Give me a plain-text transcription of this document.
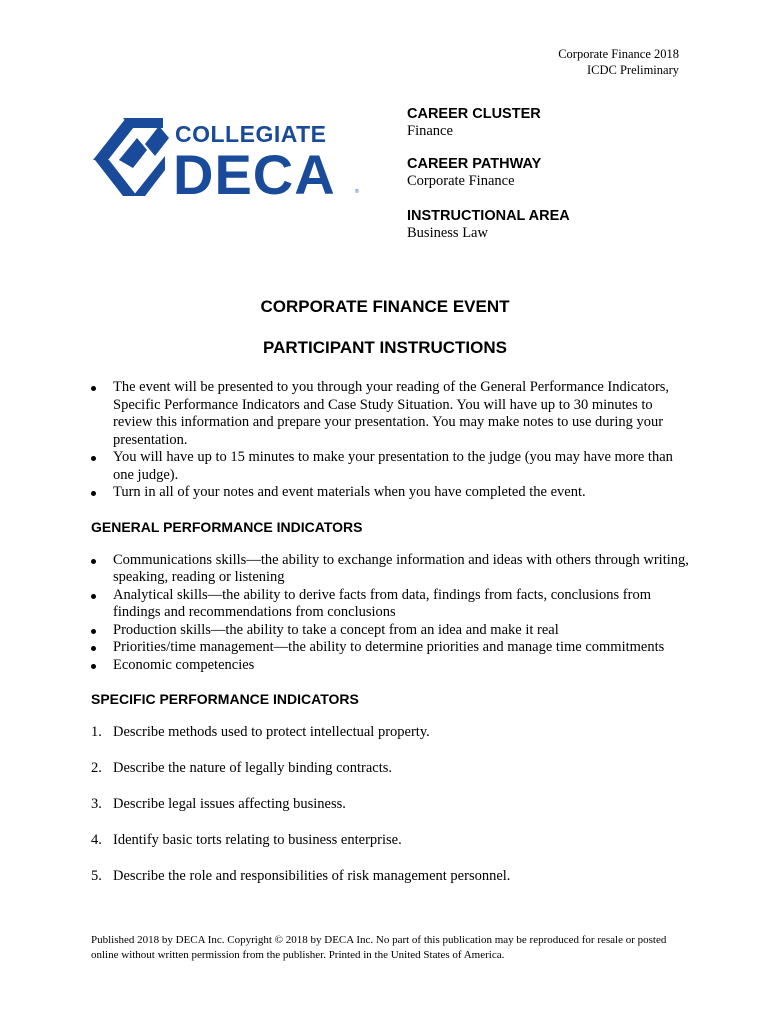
Corporate Finance 2018
ICDC Preliminary
COLLEGIATE
DECA	®

CAREER CLUSTER

Finance

CAREER PATHWAY

Corporate Finance

INSTRUCTIONAL AREA

Business Law

CORPORATE FINANCE EVENT
PARTICIPANT INSTRUCTIONS
The event will be presented to you through your reading of the General Performance Indicators, Specific Performance Indicators and Case Study Situation. You will have up to 30 minutes to review this information and prepare your presentation. You may make notes to use during your presentation.
You will have up to 15 minutes to make your presentation to the judge (you may have more than one judge).
Turn in all of your notes and event materials when you have completed the event.

GENERAL PERFORMANCE INDICATORS

Communications skills—the ability to exchange information and ideas with others through writing, speaking, reading or listening
Analytical skills—the ability to derive facts from data, findings from facts, conclusions from findings and recommendations from conclusions
Production skills—the ability to take a concept from an idea and make it real
Priorities/time management—the ability to determine priorities and manage time commitments
Economic competencies

SPECIFIC PERFORMANCE INDICATORS

1. Describe methods used to protect intellectual property.
2. Describe the nature of legally binding contracts.
3. Describe legal issues affecting business.
4. Identify basic torts relating to business enterprise.
5. Describe the role and responsibilities of risk management personnel.
Published 2018 by DECA Inc. Copyright © 2018 by DECA Inc. No part of this publication may be reproduced for resale or posted online without written permission from the publisher. Printed in the United States of America.
